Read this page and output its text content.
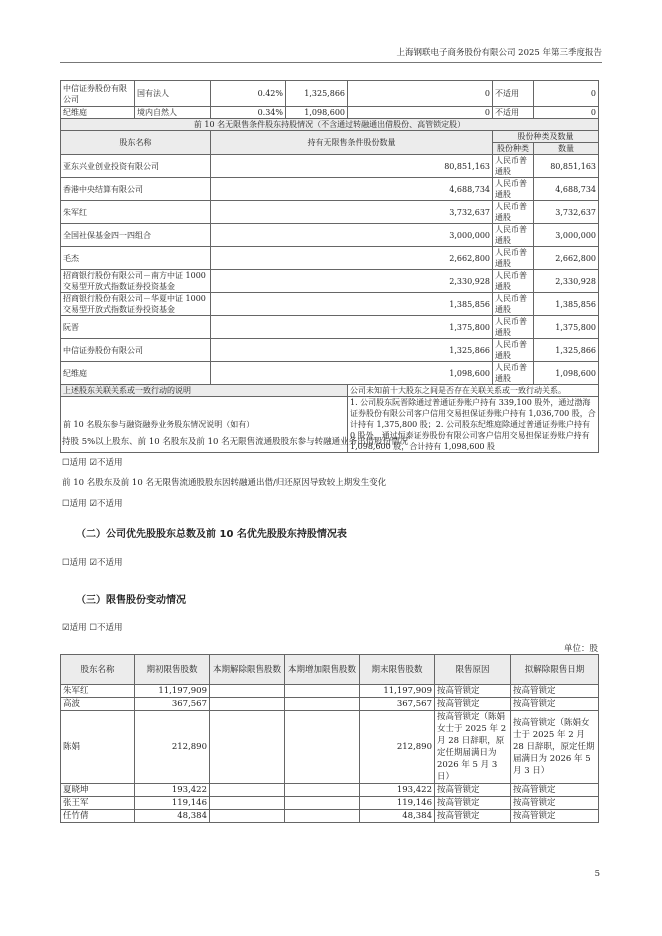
上海钢联电子商务股份有限公司 2025 年第三季度报告
中信证券股份有限公司	国有法人	0.42%	1,325,866	0	不适用	0
纪维庭	境内自然人	0.34%	1,098,600	0	不适用	0
前 10 名无限售条件股东持股情况（不含通过转融通出借股份、高管锁定股）						
股东名称		持有无限售条件股份数量			股份种类及数量	
					股份种类	数量
亚东兴业创业投资有限公司		80,851,163			人民币普通股	80,851,163
香港中央结算有限公司		4,688,734			人民币普通股	4,688,734
朱军红		3,732,637			人民币普通股	3,732,637
全国社保基金四一四组合		3,000,000			人民币普通股	3,000,000
毛杰		2,662,800			人民币普通股	2,662,800
招商银行股份有限公司－南方中证 1000 交易型开放式指数证券投资基金		2,330,928			人民币普通股	2,330,928
招商银行股份有限公司－华夏中证 1000 交易型开放式指数证券投资基金		1,385,856			人民币普通股	1,385,856
阮晋		1,375,800			人民币普通股	1,375,800
中信证券股份有限公司		1,325,866			人民币普通股	1,325,866
纪维庭		1,098,600			人民币普通股	1,098,600
上述股东关联关系或一致行动的说明				公司未知前十大股东之间是否存在关联关系或一致行动关系。		
前 10 名股东参与融资融券业务股东情况说明（如有）				1. 公司股东阮晋除通过普通证券账户持有 339,100 股外，通过渤海证券股份有限公司客户信用交易担保证券账户持有 1,036,700 股，合计持有 1,375,800 股；2. 公司股东纪维庭除通过普通证券账户持有 0 股外，通过恒泰证券股份有限公司客户信用交易担保证券账户持有 1,098,600 股，合计持有 1,098,600 股		
持股 5%以上股东、前 10 名股东及前 10 名无限售流通股股东参与转融通业务出借股份情况
☐适用 ☑不适用
前 10 名股东及前 10 名无限售流通股股东因转融通出借/归还原因导致较上期发生变化
☐适用 ☑不适用
（二）公司优先股股东总数及前 10 名优先股股东持股情况表
☐适用 ☑不适用
（三）限售股份变动情况
☑适用 ☐不适用
单位：股
股东名称	期初限售股数	本期解除限售股数	本期增加限售股数	期末限售股数	限售原因	拟解除限售日期
朱军红	11,197,909			11,197,909	按高管锁定	按高管锁定
高波	367,567			367,567	按高管锁定	按高管锁定
陈娟	212,890			212,890	按高管锁定（陈娟女士于 2025 年 2 月 28 日辞职，原定任期届满日为 2026 年 5 月 3 日）	按高管锁定（陈娟女士于 2025 年 2 月 28 日辞职，原定任期届满日为 2026 年 5 月 3 日）
夏晓坤	193,422			193,422	按高管锁定	按高管锁定
张王军	119,146			119,146	按高管锁定	按高管锁定
任竹倩	48,384			48,384	按高管锁定	按高管锁定
5
